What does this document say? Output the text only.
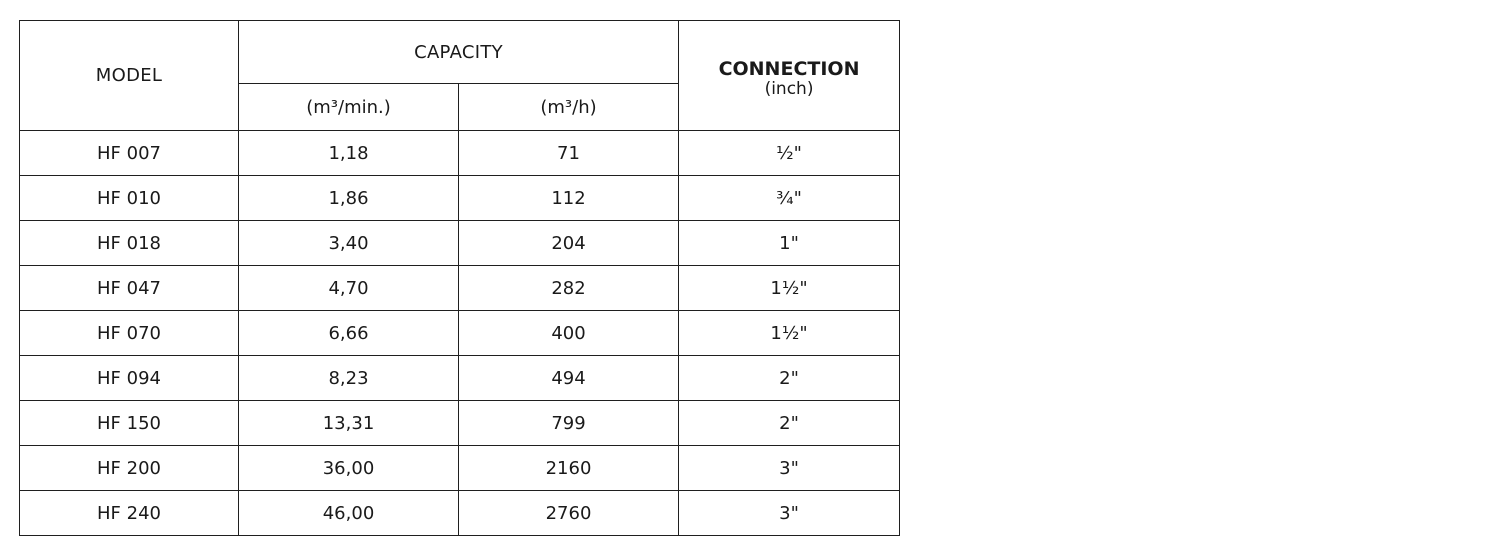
MODEL	CAPACITY		CONNECTION
(inch)

	(m³/min.)	(m³/h)	
HF 007	1,18	71	½"
HF 010	1,86	112	¾"
HF 018	3,40	204	1"
HF 047	4,70	282	1½"
HF 070	6,66	400	1½"
HF 094	8,23	494	2"
HF 150	13,31	799	2"
HF 200	36,00	2160	3"
HF 240	46,00	2760	3"
